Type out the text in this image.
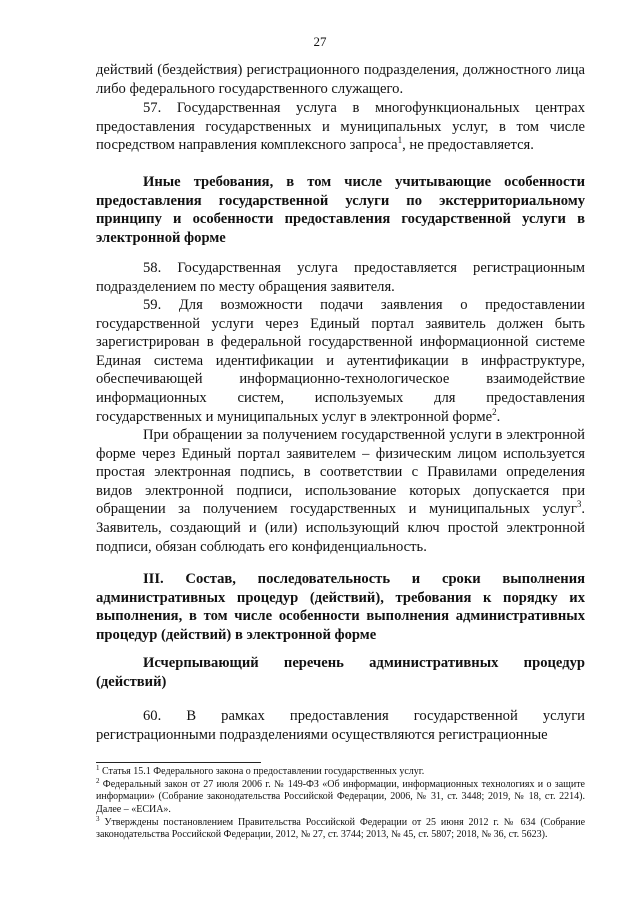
27

действий (бездействия) регистрационного подразделения, должностного лица либо федерального государственного служащего.

57. Государственная услуга в многофункциональных центрах предоставления государственных и муниципальных услуг, в том числе посредством направления комплексного запроса$^1$, не предоставляется.

Иные требования, в том числе учитывающие особенности предоставления государственной услуги по экстерриториальному принципу и особенности предоставления государственной услуги в электронной форме

58. Государственная услуга предоставляется регистрационным подразделением по месту обращения заявителя.

59. Для возможности подачи заявления о предоставлении государственной услуги через Единый портал заявитель должен быть зарегистрирован в федеральной государственной информационной системе Единая система идентификации и аутентификации в инфраструктуре, обеспечивающей информационно-технологическое взаимодействие информационных систем, используемых для предоставления государственных и муниципальных услуг в электронной форме$^2$.

При обращении за получением государственной услуги в электронной форме через Единый портал заявителем – физическим лицом используется простая электронная подпись, в соответствии с Правилами определения видов электронной подписи, использование которых допускается при обращении за получением государственных и муниципальных услуг$^3$. Заявитель, создающий и (или) использующий ключ простой электронной подписи, обязан соблюдать его конфиденциальность.

III. Состав, последовательность и сроки выполнения административных процедур (действий), требования к порядку их выполнения, в том числе особенности выполнения административных процедур (действий) в электронной форме

Исчерпывающий перечень административных процедур (действий)

60. В рамках предоставления государственной услуги регистрационными подразделениями осуществляются регистрационные

$^1$ Статья 15.1 Федерального закона о предоставлении государственных услуг.

$^2$ Федеральный закон от 27 июля 2006 г. № 149-ФЗ «Об информации, информационных технологиях и о защите информации» (Собрание законодательства Российской Федерации, 2006, № 31, ст. 3448; 2019, № 18, ст. 2214). Далее – «ЕСИА».

$^3$ Утверждены постановлением Правительства Российской Федерации от 25 июня 2012 г. № 634 (Собрание законодательства Российской Федерации, 2012, № 27, ст. 3744; 2013, № 45, ст. 5807; 2018, № 36, ст. 5623).
